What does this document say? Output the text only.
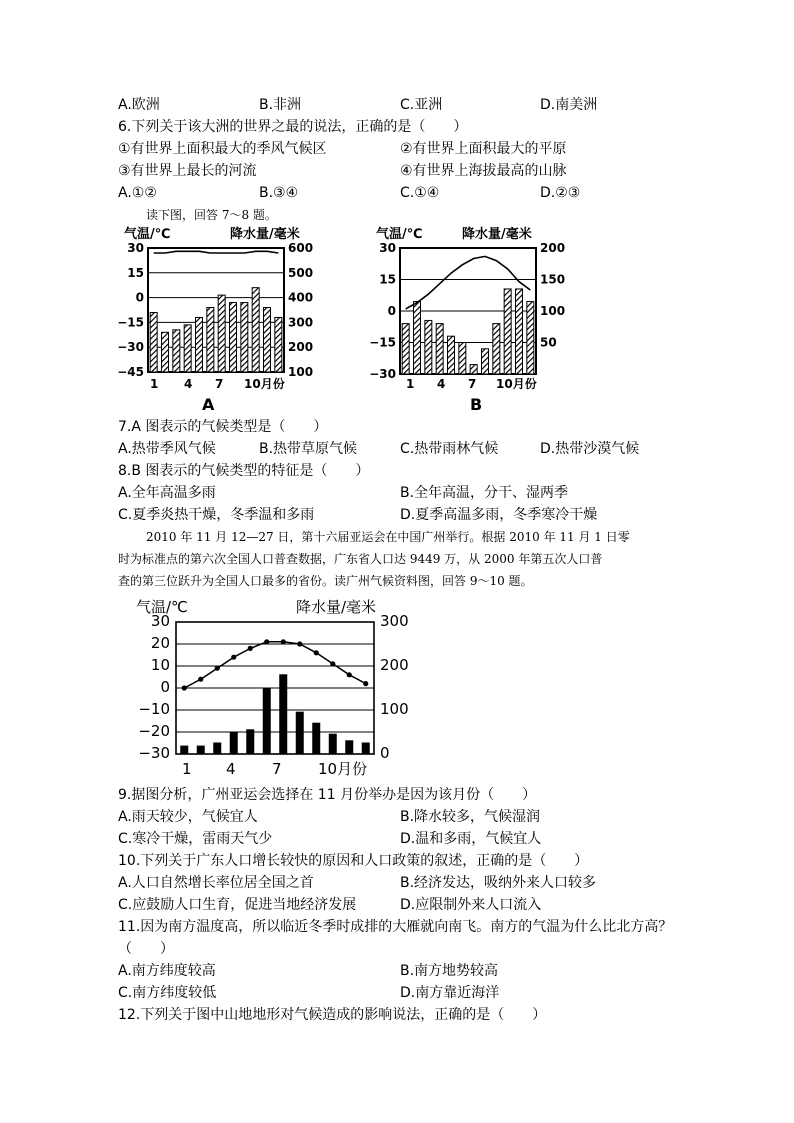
A.欧洲	B.非洲	C.亚洲	D.南美洲
6.下列关于该大洲的世界之最的说法，正确的是（　　）
①有世界上面积最大的季风气候区	②有世界上面积最大的平原
③有世界上最长的河流	④有世界上海拔最高的山脉
A.①②	B.③④	C.①④	D.②③
读下图，回答 7～8 题。
气温/℃	降水量/毫米
30
15
0
−15
−30
−45
600
500
400
300
200
100
1 4 7 10月份
A
气温/℃	降水量/毫米
30
15
0
−15
−30
200
150
100
50
1 4 7 10月份
B
7.A 图表示的气候类型是（　　）
A.热带季风气候	B.热带草原气候	C.热带雨林气候	D.热带沙漠气候
8.B 图表示的气候类型的特征是（　　）
A.全年高温多雨	B.全年高温，分干、湿两季
C.夏季炎热干燥，冬季温和多雨	D.夏季高温多雨，冬季寒冷干燥
2010 年 11 月 12—27 日，第十六届亚运会在中国广州举行。根据 2010 年 11 月 1 日零
时为标准点的第六次全国人口普查数据，广东省人口达 9449 万，从 2000 年第五次人口普
查的第三位跃升为全国人口最多的省份。读广州气候资料图，回答 9～10 题。
气温/℃	降水量/毫米
30
20
10
0
−10
−20
−30
300
200
100
0
1 4 7 10月份
9.据图分析，广州亚运会选择在 11 月份举办是因为该月份（　　）
A.雨天较少，气候宜人	B.降水较多，气候湿润
C.寒冷干燥，雷雨天气少	D.温和多雨，气候宜人
10.下列关于广东人口增长较快的原因和人口政策的叙述，正确的是（　　）
A.人口自然增长率位居全国之首	B.经济发达，吸纳外来人口较多
C.应鼓励人口生育，促进当地经济发展	D.应限制外来人口流入
11.因为南方温度高，所以临近冬季时成排的大雁就向南飞。南方的气温为什么比北方高？
（　　）
A.南方纬度较高	B.南方地势较高
C.南方纬度较低	D.南方靠近海洋
12.下列关于图中山地地形对气候造成的影响说法，正确的是（　　）
